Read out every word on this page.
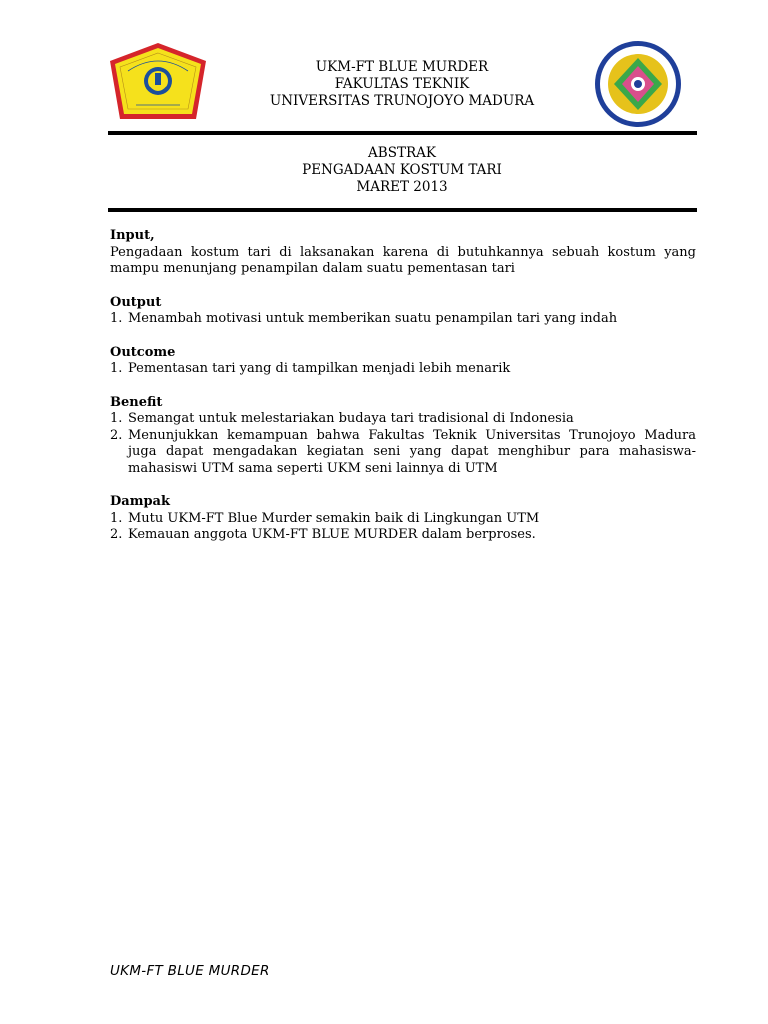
UKM-FT BLUE MURDER
FAKULTAS TEKNIK
UNIVERSITAS TRUNOJOYO MADURA
ABSTRAK
PENGADAAN KOSTUM TARI
MARET 2013
Input,
Pengadaan kostum tari di laksanakan karena di butuhkannya sebuah kostum yang mampu menunjang penampilan dalam suatu pementasan tari
Output
1. Menambah motivasi untuk memberikan suatu penampilan tari yang indah
Outcome
1. Pementasan tari yang di tampilkan menjadi lebih menarik
Benefit
1. Semangat untuk melestariakan budaya tari tradisional di Indonesia
2. Menunjukkan kemampuan bahwa Fakultas Teknik Universitas Trunojoyo Madura juga dapat mengadakan kegiatan seni yang dapat menghibur para mahasiswa-mahasiswi UTM sama seperti UKM seni lainnya di UTM
Dampak
1. Mutu UKM-FT Blue Murder semakin baik di Lingkungan UTM
2. Kemauan anggota UKM-FT BLUE MURDER dalam berproses.
UKM-FT BLUE MURDER
